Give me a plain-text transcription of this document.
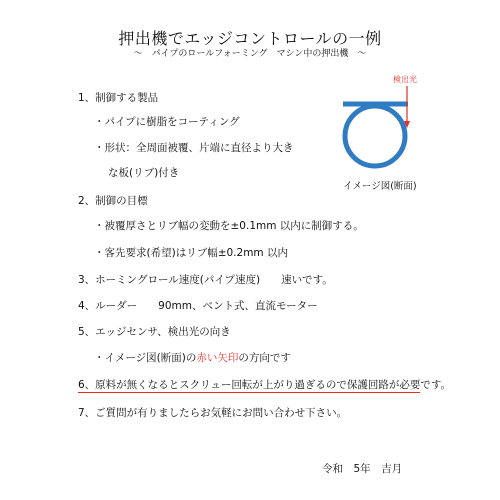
押出機でエッジコントロールの一例
～　パイプのロールフォーミング　マシン中の押出機　～
1、制御する製品
・パイプに樹脂をコーティング
・形状：全周面被覆、片端に直径より大き
な板(リブ)付き
2、制御の目標
・被覆厚さとリブ幅の変動を±0.1mm 以内に制御する。
・客先要求(希望)はリブ幅±0.2mm 以内
3、ホーミングロール速度(パイプ速度)　　速いです。
4、ルーダー　　90mm、ベント式、直流モーター
5、エッジセンサ、検出光の向き
・イメージ図(断面)の赤い矢印の方向です
6、原料が無くなるとスクリュー回転が上がり過ぎるので保護回路が必要です。
7、ご質問が有りましたらお気軽にお問い合わせ下さい。
令和　5年　吉月
検出光
イメージ図(断面)
